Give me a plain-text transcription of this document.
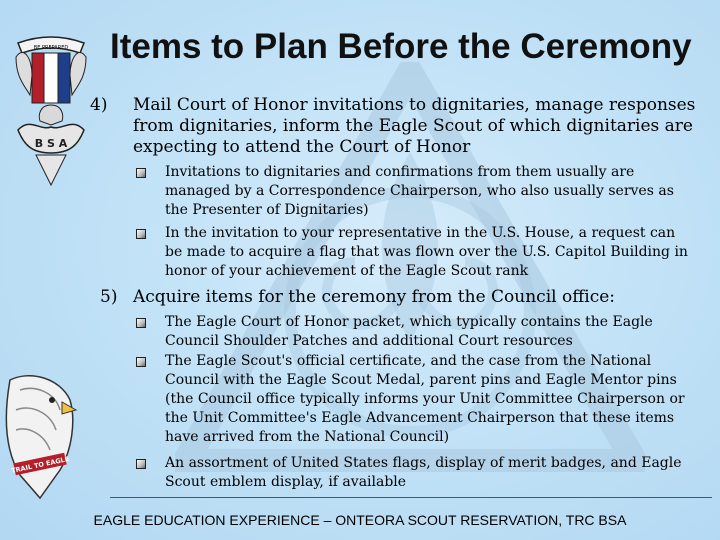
BE PREPARED
B S A
TRAIL TO EAGLE
Items to Plan Before the Ceremony
4) Mail Court of Honor invitations to dignitaries, manage responses from dignitaries, inform the Eagle Scout of which dignitaries are expecting to attend the Court of Honor
Invitations to dignitaries and confirmations from them usually are managed by a Correspondence Chairperson, who also usually serves as the Presenter of Dignitaries)
In the invitation to your representative in the U.S. House, a request can be made to acquire a flag that was flown over the U.S. Capitol Building in honor of your achievement of the Eagle Scout rank
5) Acquire items for the ceremony from the Council office:
The Eagle Court of Honor packet, which typically contains the Eagle Council Shoulder Patches and additional Court resources
The Eagle Scout's official certificate, and the case from the National Council with the Eagle Scout Medal, parent pins and Eagle Mentor pins (the Council office typically informs your Unit Committee Chairperson or the Unit Committee's Eagle Advancement Chairperson that these items have arrived from the National Council)
An assortment of United States flags, display of merit badges, and Eagle Scout emblem display, if available
EAGLE EDUCATION EXPERIENCE – ONTEORA SCOUT RESERVATION, TRC BSA
